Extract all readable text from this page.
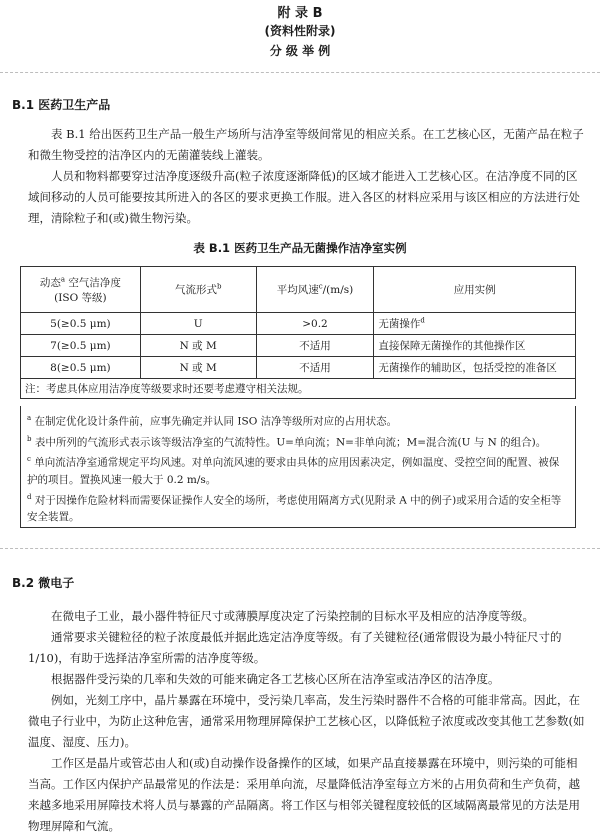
附 录 B
(资料性附录)
分 级 举 例
B.1 医药卫生产品

表 B.1 给出医药卫生产品一般生产场所与洁净室等级间常见的相应关系。在工艺核心区，无菌产品在粒子和微生物受控的洁净区内的无菌灌装线上灌装。

人员和物料都要穿过洁净度逐级升高(粒子浓度逐渐降低)的区域才能进入工艺核心区。在洁净度不同的区域间移动的人员可能要按其所进入的各区的要求更换工作服。进入各区的材料应采用与该区相应的方法进行处理，清除粒子和(或)微生物污染。

表 B.1 医药卫生产品无菌操作洁净室实例
动态$^a$ 空气洁净度
(ISO 等级)	气流形式$^b$	平均风速$^c$/(m/s)	应用实例
5(≥0.5 μm)	U	>0.2	无菌操作$^d$
7(≥0.5 μm)	N 或 M	不适用	直接保障无菌操作的其他操作区
8(≥0.5 μm)	N 或 M	不适用	无菌操作的辅助区，包括受控的准备区
注：考虑具体应用洁净度等级要求时还要考虑遵守相关法规。			

$^a$ 在制定优化设计条件前，应事先确定并认同 ISO 洁净等级所对应的占用状态。

$^b$ 表中所列的气流形式表示该等级洁净室的气流特性。U=单向流；N=非单向流；M=混合流(U 与 N 的组合)。

$^c$ 单向流洁净室通常规定平均风速。对单向流风速的要求由具体的应用因素决定，例如温度、受控空间的配置、被保护的项目。置换风速一般大于 0.2 m/s。

$^d$ 对于因操作危险材料而需要保证操作人安全的场所，考虑使用隔离方式(见附录 A 中的例子)或采用合适的安全柜等安全装置。

B.2 微电子

在微电子工业，最小器件特征尺寸或薄膜厚度决定了污染控制的目标水平及相应的洁净度等级。

通常要求关键粒径的粒子浓度最低并据此选定洁净度等级。有了关键粒径(通常假设为最小特征尺寸的 1/10)，有助于选择洁净室所需的洁净度等级。

根据器件受污染的几率和失效的可能来确定各工艺核心区所在洁净室或洁净区的洁净度。

例如，光刻工序中，晶片暴露在环境中，受污染几率高，发生污染时器件不合格的可能非常高。因此，在微电子行业中，为防止这种危害，通常采用物理屏障保护工艺核心区，以降低粒子浓度或改变其他工艺参数(如温度、湿度、压力)。

工作区是晶片或管芯由人和(或)自动操作设备操作的区域，如果产品直接暴露在环境中，则污染的可能相当高。工作区内保护产品最常见的作法是：采用单向流，尽量降低洁净室每立方米的占用负荷和生产负荷，越来越多地采用屏障技术将人员与暴露的产品隔离。将工作区与相邻关键程度较低的区域隔离最常见的方法是用物理屏障和气流。
